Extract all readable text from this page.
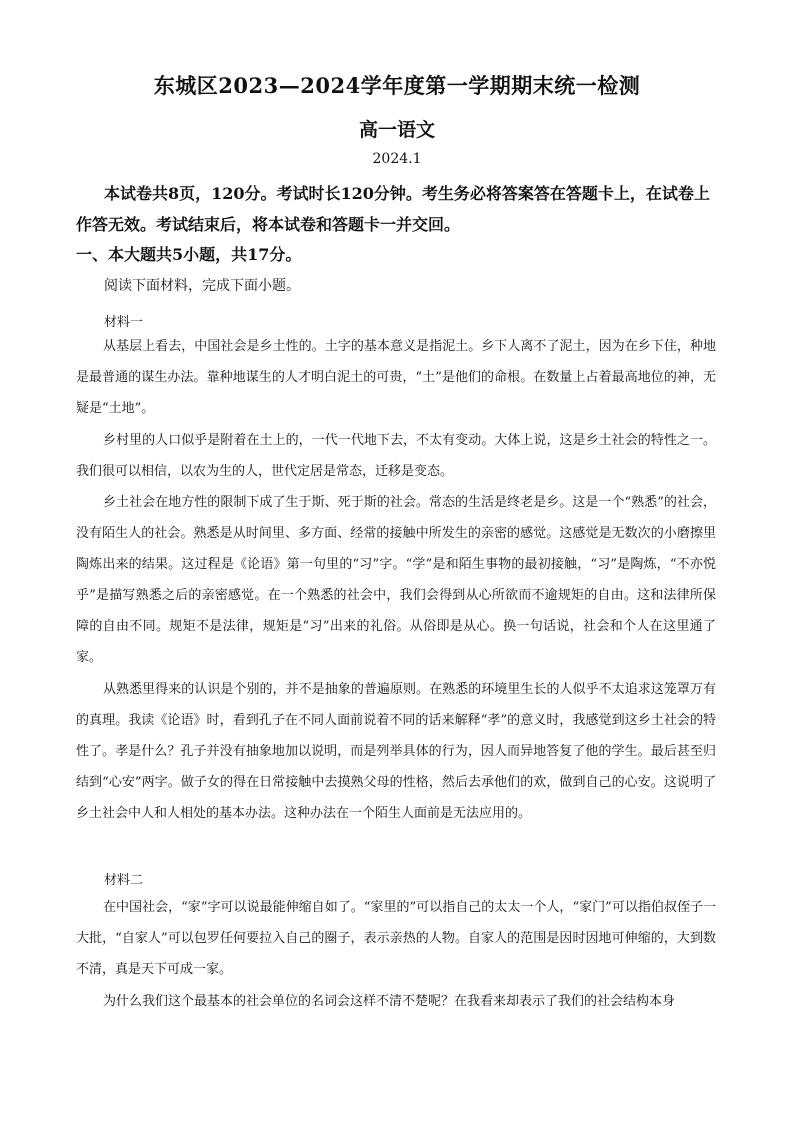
东城区2023—2024学年度第一学期期末统一检测
高一语文
2024.1
本试卷共8页，120分。考试时长120分钟。考生务必将答案答在答题卡上，在试卷上作答无效。考试结束后，将本试卷和答题卡一并交回。
一、本大题共5小题，共17分。
阅读下面材料，完成下面小题。
材料一
从基层上看去，中国社会是乡土性的。土字的基本意义是指泥土。乡下人离不了泥土，因为在乡下住，种地是最普通的谋生办法。靠种地谋生的人才明白泥土的可贵，“土”是他们的命根。在数量上占着最高地位的神，无疑是“土地”。
乡村里的人口似乎是附着在土上的，一代一代地下去，不太有变动。大体上说，这是乡土社会的特性之一。我们很可以相信，以农为生的人，世代定居是常态，迁移是变态。
乡土社会在地方性的限制下成了生于斯、死于斯的社会。常态的生活是终老是乡。这是一个“熟悉”的社会，没有陌生人的社会。熟悉是从时间里、多方面、经常的接触中所发生的亲密的感觉。这感觉是无数次的小磨擦里陶炼出来的结果。这过程是《论语》第一句里的“习”字。“学”是和陌生事物的最初接触，“习”是陶炼，“不亦悦乎”是描写熟悉之后的亲密感觉。在一个熟悉的社会中，我们会得到从心所欲而不逾规矩的自由。这和法律所保障的自由不同。规矩不是法律，规矩是“习”出来的礼俗。从俗即是从心。换一句话说，社会和个人在这里通了家。
从熟悉里得来的认识是个别的，并不是抽象的普遍原则。在熟悉的环境里生长的人似乎不太追求这笼罩万有的真理。我读《论语》时，看到孔子在不同人面前说着不同的话来解释“孝”的意义时，我感觉到这乡土社会的特性了。孝是什么？孔子并没有抽象地加以说明，而是列举具体的行为，因人而异地答复了他的学生。最后甚至归结到“心安”两字。做子女的得在日常接触中去摸熟父母的性格，然后去承他们的欢，做到自己的心安。这说明了乡土社会中人和人相处的基本办法。这种办法在一个陌生人面前是无法应用的。
材料二
在中国社会，“家”字可以说最能伸缩自如了。“家里的”可以指自己的太太一个人，“家门”可以指伯叔侄子一大批，“自家人”可以包罗任何要拉入自己的圈子，表示亲热的人物。自家人的范围是因时因地可伸缩的，大到数不清，真是天下可成一家。
为什么我们这个最基本的社会单位的名词会这样不清不楚呢？在我看来却表示了我们的社会结构本身
